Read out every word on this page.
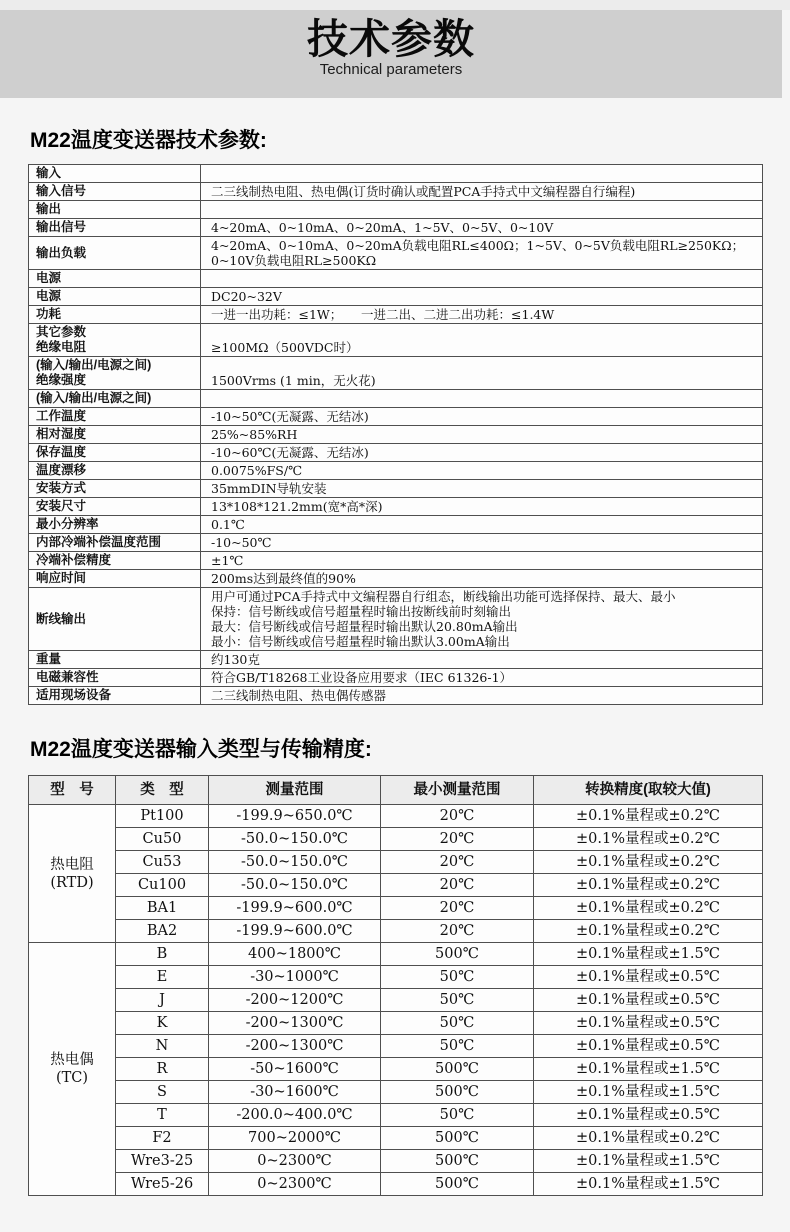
技术参数
Technical parameters
M22温度变送器技术参数:
输入	

输入信号	二三线制热电阻、热电偶(订货时确认或配置PCA手持式中文编程器自行编程)

输出	

输出信号	4~20mA、0~10mA、0~20mA、1~5V、0~5V、0~10V

输出负载	4~20mA、0~10mA、0~20mA负载电阻RL≤400Ω；1~5V、0~5V负载电阻RL≥250KΩ；
0~10V负载电阻RL≥500KΩ

电源	

电源	DC20~32V

功耗	一进一出功耗：≤1W；　　一进二出、二进二出功耗：≤1.4W

其它参数
绝缘电阻	≥100MΩ（500VDC时）

(输入/输出/电源之间)
绝缘强度	1500Vrms (1 min，无火花)

(输入/输出/电源之间)	

工作温度	-10~50℃(无凝露、无结冰)

相对湿度	25%~85%RH

保存温度	-10~60℃(无凝露、无结冰)

温度漂移	0.0075%FS/℃

安装方式	35mmDIN导轨安装

安装尺寸	13*108*121.2mm(宽*高*深)

最小分辨率	0.1℃

内部冷端补偿温度范围	-10~50℃

冷端补偿精度	±1℃

响应时间	200ms达到最终值的90%

断线输出	用户可通过PCA手持式中文编程器自行组态，断线输出功能可选择保持、最大、最小
保持：信号断线或信号超量程时输出按断线前时刻输出
最大：信号断线或信号超量程时输出默认20.80mA输出
最小：信号断线或信号超量程时输出默认3.00mA输出

重量	约130克

电磁兼容性	符合GB/T18268工业设备应用要求（IEC 61326-1）

适用现场设备	二三线制热电阻、热电偶传感器
M22温度变送器输入类型与传输精度:
型　号	类　型	测量范围	最小测量范围	转换精度(取较大值)

热电阻
(RTD)	Pt100	-199.9~650.0℃	20℃	±0.1%量程或±0.2℃
	Cu50	-50.0~150.0℃	20℃	±0.1%量程或±0.2℃
	Cu53	-50.0~150.0℃	20℃	±0.1%量程或±0.2℃
	Cu100	-50.0~150.0℃	20℃	±0.1%量程或±0.2℃
	BA1	-199.9~600.0℃	20℃	±0.1%量程或±0.2℃
	BA2	-199.9~600.0℃	20℃	±0.1%量程或±0.2℃

热电偶
(TC)	B	400~1800℃	500℃	±0.1%量程或±1.5℃
	E	-30~1000℃	50℃	±0.1%量程或±0.5℃
	J	-200~1200℃	50℃	±0.1%量程或±0.5℃
	K	-200~1300℃	50℃	±0.1%量程或±0.5℃
	N	-200~1300℃	50℃	±0.1%量程或±0.5℃
	R	-50~1600℃	500℃	±0.1%量程或±1.5℃
	S	-30~1600℃	500℃	±0.1%量程或±1.5℃
	T	-200.0~400.0℃	50℃	±0.1%量程或±0.5℃
	F2	700~2000℃	500℃	±0.1%量程或±0.2℃
	Wre3-25	0~2300℃	500℃	±0.1%量程或±1.5℃
	Wre5-26	0~2300℃	500℃	±0.1%量程或±1.5℃
